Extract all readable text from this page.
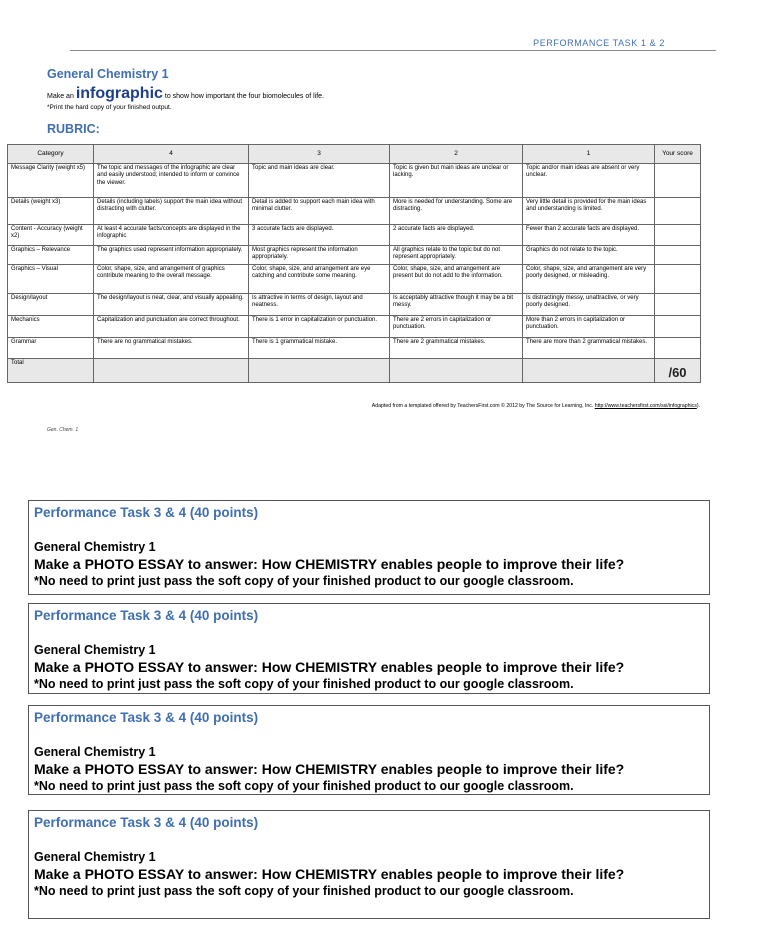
PERFORMANCE TASK 1 & 2
General Chemistry 1
Make an infographic to show how important the four biomolecules of life.
*Print the hard copy of your finished output.
RUBRIC:
Category	4	3	2	1	Your score
Message Clarity (weight x5)	The topic and messages of the infographic are clear and easily understood; intended to inform or convince the viewer.	Topic and main ideas are clear.	Topic is given but main ideas are unclear or lacking.	Topic and/or main ideas are absent or very unclear.	
Details (weight x3)	Details (including labels) support the main idea without distracting with clutter.	Detail is added to support each main idea with minimal clutter.	More is needed for understanding. Some are distracting.	Very little detail is provided for the main ideas and understanding is limited.	
Content - Accuracy (weight x2)	At least 4 accurate facts/concepts are displayed in the infographic	3 accurate facts are displayed.	2 accurate facts are displayed.	Fewer than 2 accurate facts are displayed.	
Graphics – Relevance	The graphics used represent information appropriately.	Most graphics represent the information appropriately.	All graphics relate to the topic but do not represent appropriately.	Graphics do not relate to the topic.	
Graphics – Visual	Color, shape, size, and arrangement of graphics contribute meaning to the overall message.	Color, shape, size, and arrangement are eye catching and contribute some meaning.	Color, shape, size, and arrangement are present but do not add to the information.	Color, shape, size, and arrangement are very poorly designed, or misleading.	
Design/layout	The design/layout is neat, clear, and visually appealing.	Is attractive in terms of design, layout and neatness.	Is acceptably attractive though it may be a bit messy.	Is distractingly messy, unattractive, or very poorly designed.	
Mechanics	Capitalization and punctuation are correct throughout.	There is 1 error in capitalization or punctuation.	There are 2 errors in capitalization or punctuation.	More than 2 errors in capitalization or punctuation.	
Grammar	There are no grammatical mistakes.	There is 1 grammatical mistake.	There are 2 grammatical mistakes.	There are more than 2 grammatical mistakes.	
Total					/60
Adapted from a templated offered by TeachersFirst.com © 2012 by The Source for Learning, Inc. http://www.teachersfirst.com/ssi/infographics).
Gen. Chem. 1
Performance Task 3 & 4 (40 points)
General Chemistry 1
Make a PHOTO ESSAY to answer: How CHEMISTRY enables people to improve their life?
*No need to print just pass the soft copy of your finished product to our google classroom.
Performance Task 3 & 4 (40 points)
General Chemistry 1
Make a PHOTO ESSAY to answer: How CHEMISTRY enables people to improve their life?
*No need to print just pass the soft copy of your finished product to our google classroom.
Performance Task 3 & 4 (40 points)
General Chemistry 1
Make a PHOTO ESSAY to answer: How CHEMISTRY enables people to improve their life?
*No need to print just pass the soft copy of your finished product to our google classroom.
Performance Task 3 & 4 (40 points)
General Chemistry 1
Make a PHOTO ESSAY to answer: How CHEMISTRY enables people to improve their life?
*No need to print just pass the soft copy of your finished product to our google classroom.
